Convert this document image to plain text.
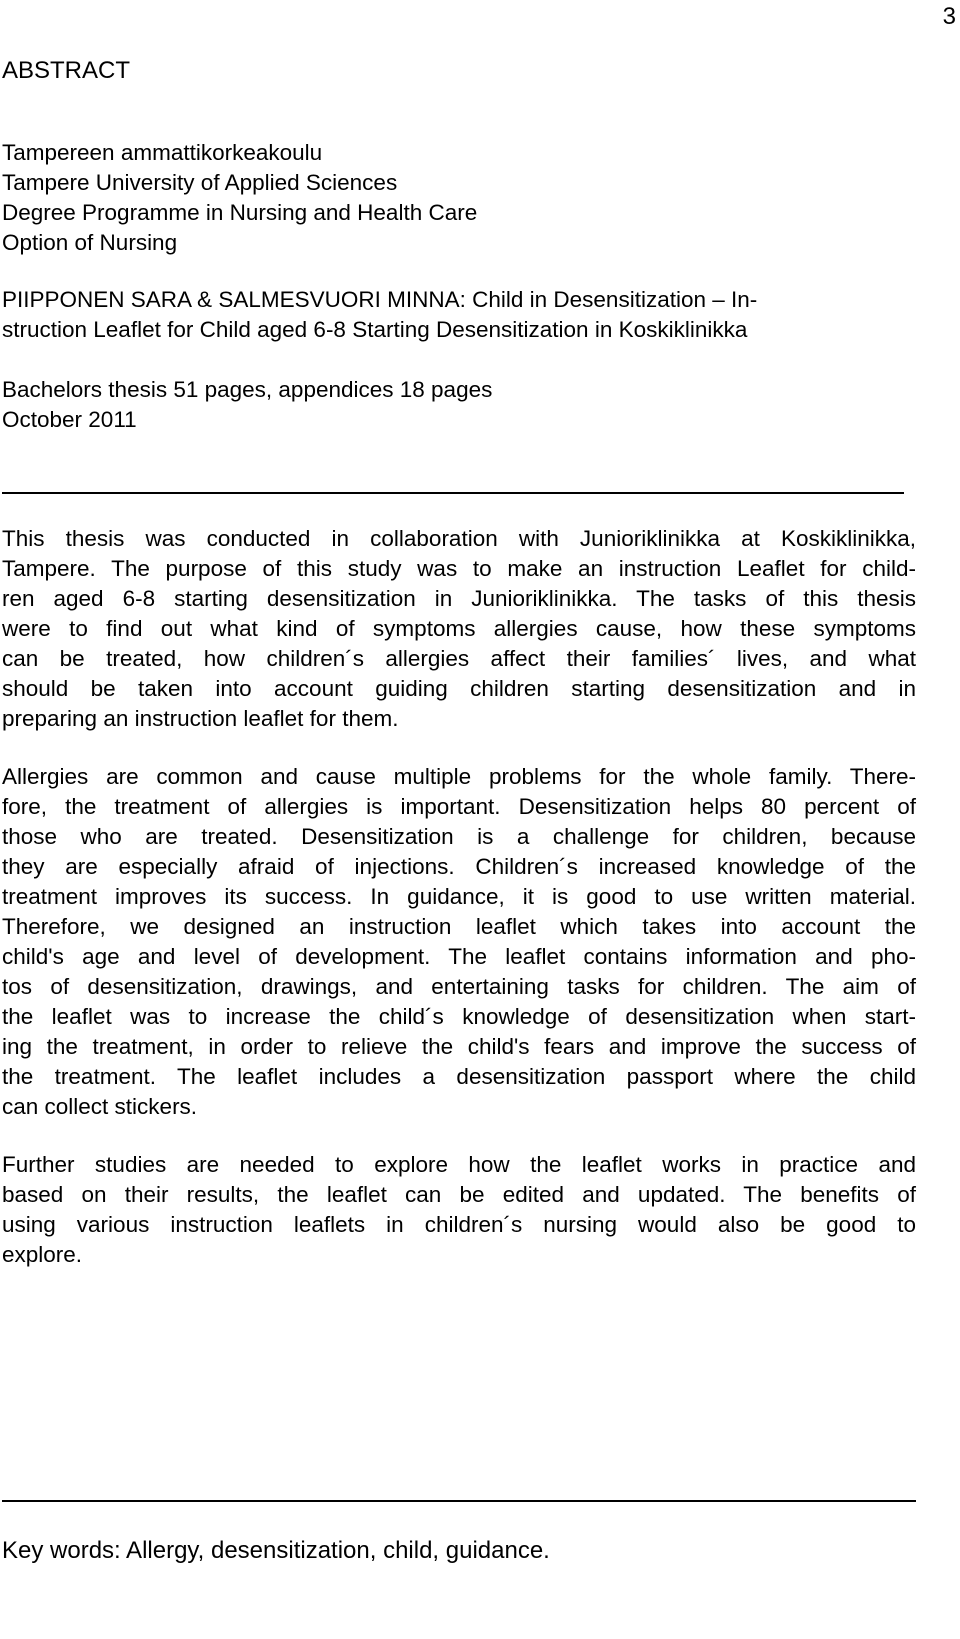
3
ABSTRACT
Tampereen ammattikorkeakoulu
Tampere University of Applied Sciences
Degree Programme in Nursing and Health Care
Option of Nursing
PIIPPONEN SARA & SALMESVUORI MINNA: Child in Desensitization – In-
struction Leaflet for Child aged 6-8 Starting Desensitization in Koskiklinikka
Bachelors thesis 51 pages, appendices 18 pages
October 2011
This thesis was conducted in collaboration with Junioriklinikka at Koskiklinikka,
Tampere. The purpose of this study was to make an instruction Leaflet for child-
ren aged 6-8 starting desensitization in Junioriklinikka. The tasks of this thesis
were to find out what kind of symptoms allergies cause, how these symptoms
can be treated, how children´s allergies affect their families´ lives, and what
should be taken into account guiding children starting desensitization and in
preparing an instruction leaflet for them.
Allergies are common and cause multiple problems for the whole family. There-
fore, the treatment of allergies is important. Desensitization helps 80 percent of
those who are treated. Desensitization is a challenge for children, because
they are especially afraid of injections. Children´s increased knowledge of the
treatment improves its success. In guidance, it is good to use written material.
Therefore, we designed an instruction leaflet which takes into account the
child's age and level of development. The leaflet contains information and pho-
tos of desensitization, drawings, and entertaining tasks for children. The aim of
the leaflet was to increase the child´s knowledge of desensitization when start-
ing the treatment, in order to relieve the child's fears and improve the success of
the treatment. The leaflet includes a desensitization passport where the child
can collect stickers.
Further studies are needed to explore how the leaflet works in practice and
based on their results, the leaflet can be edited and updated. The benefits of
using various instruction leaflets in children´s nursing would also be good to
explore.
Key words: Allergy, desensitization, child, guidance.
